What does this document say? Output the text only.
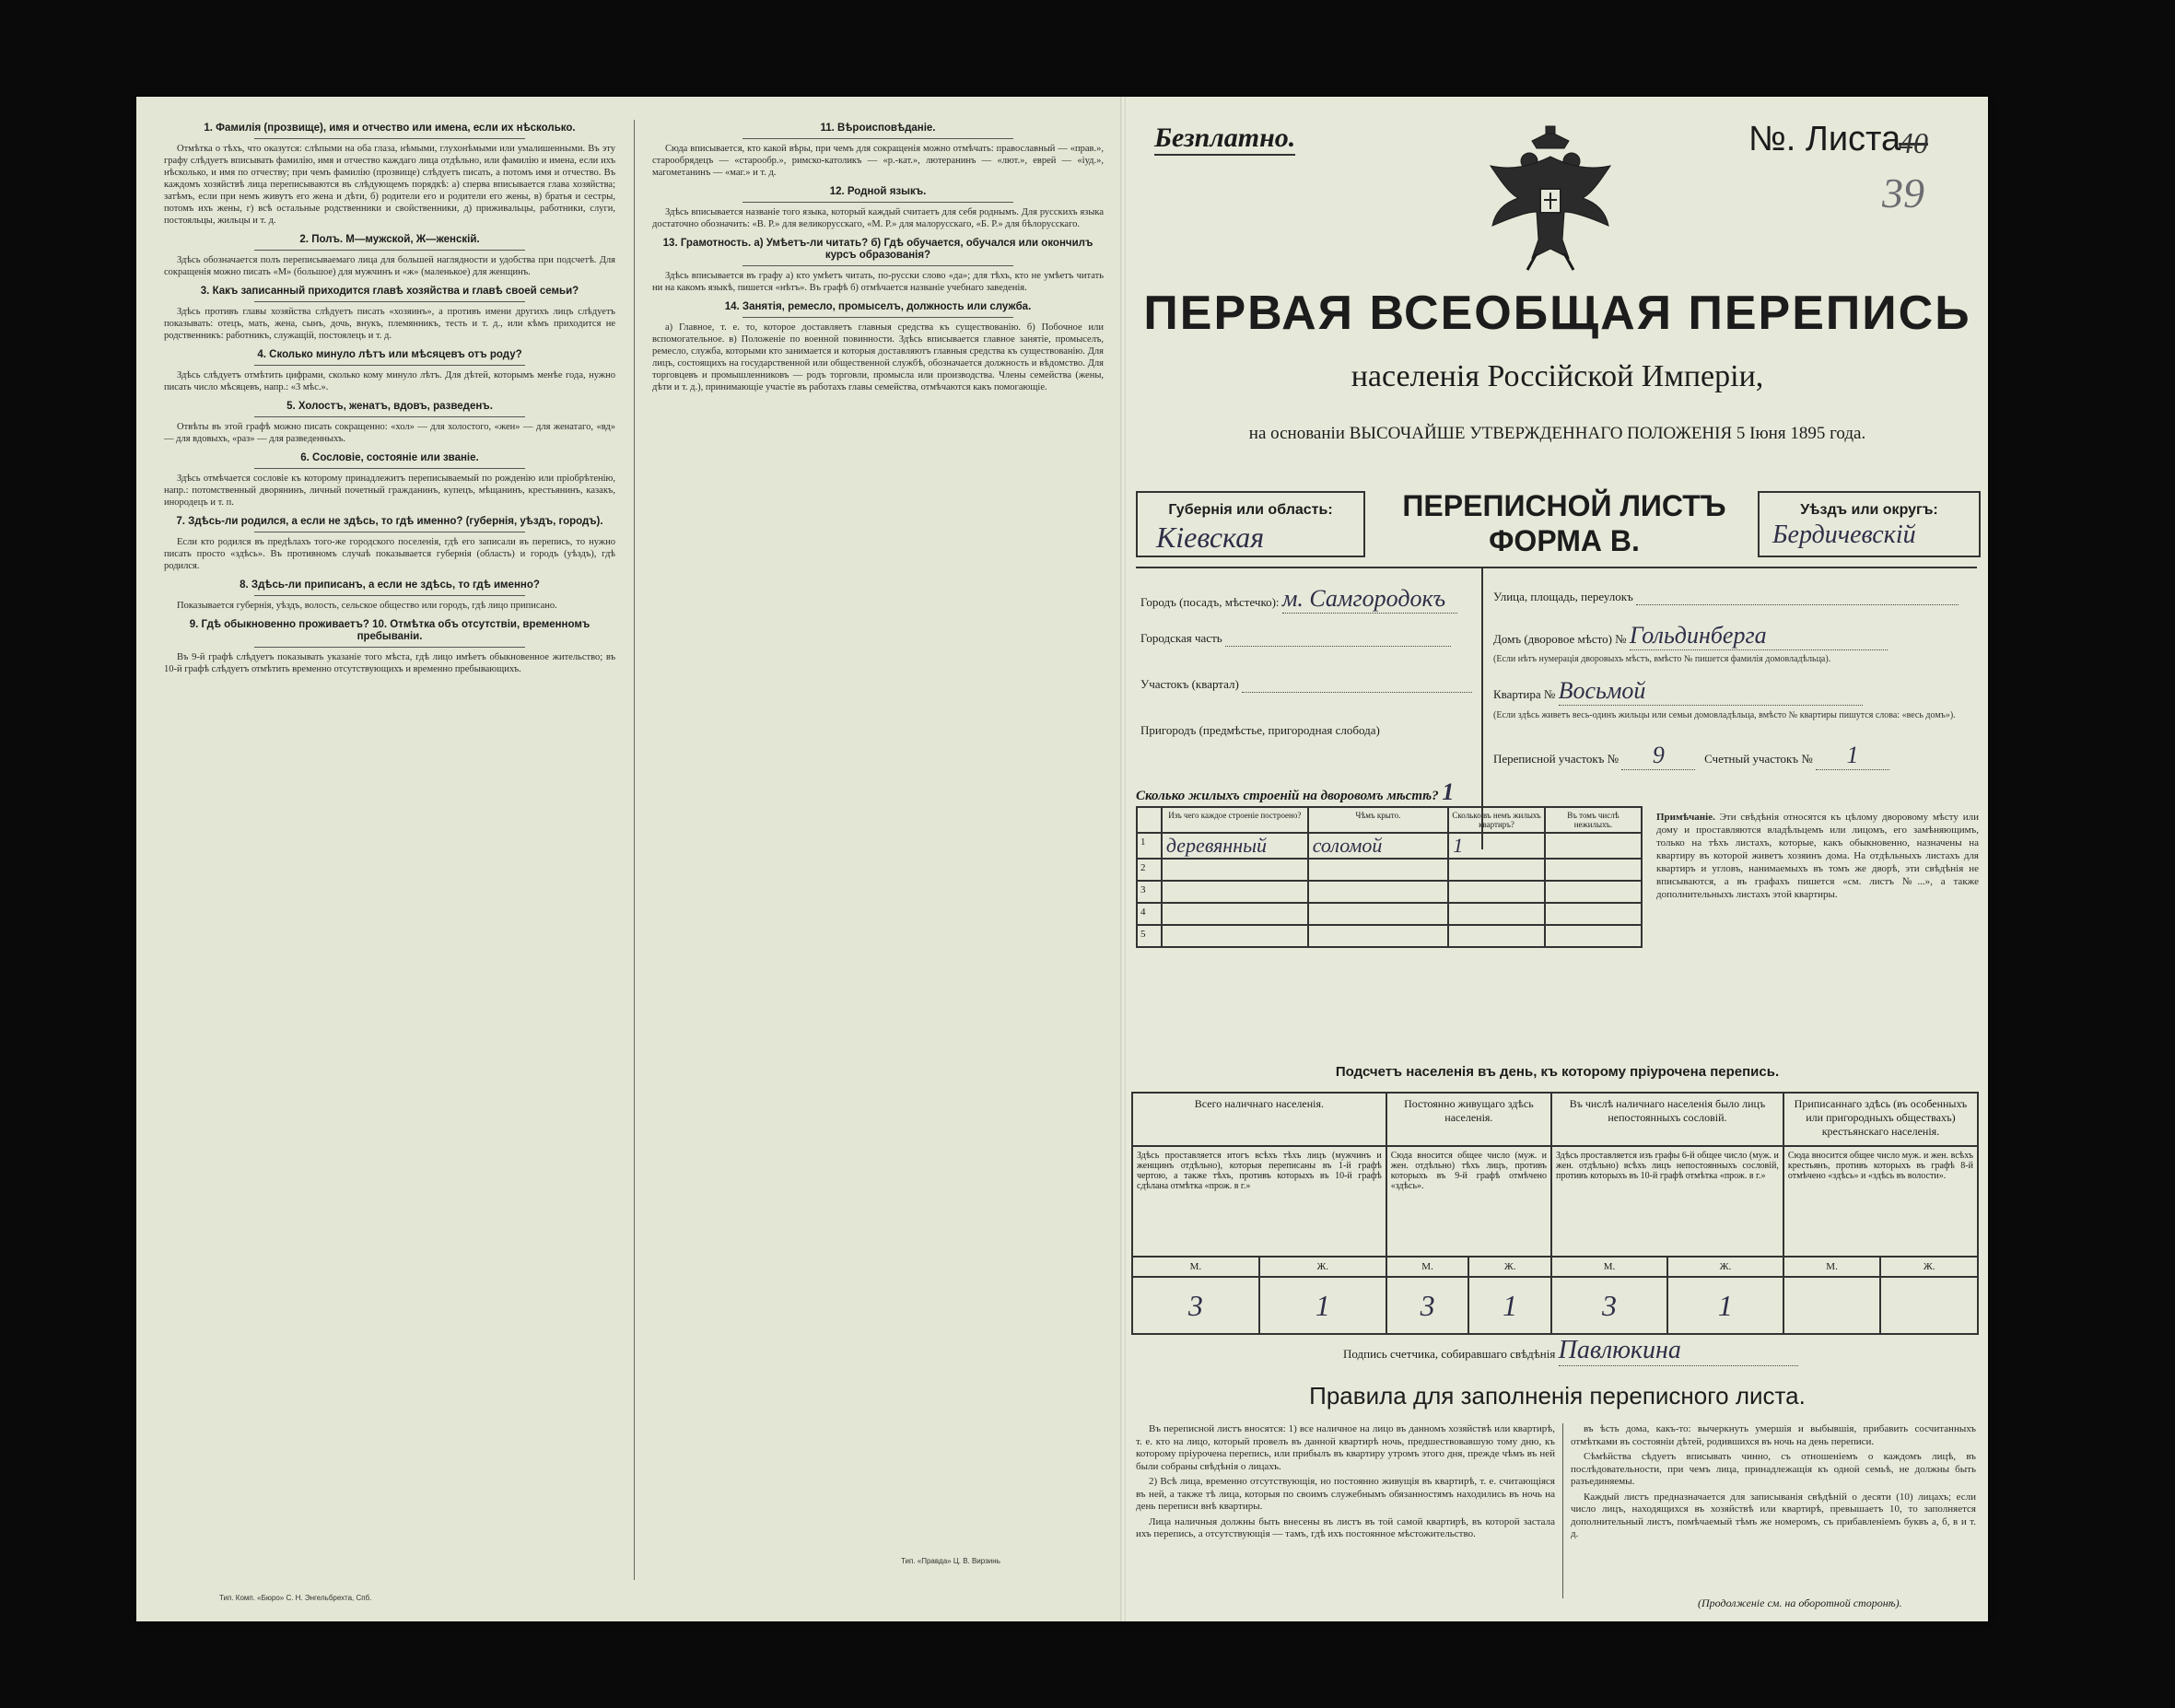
1. Фамилія (прозвище), имя и отчество или имена, если их нѣсколько.

Отмѣтка о тѣхъ, что оказутся: слѣпыми на оба глаза, нѣмыми, глухонѣмыми или умалишенными. Въ эту графу слѣдуетъ вписывать фамилію, имя и отчество каждаго лица отдѣльно, или фамилію и имена, если ихъ нѣсколько, и имя по отчеству; при чемъ фамилію (прозвище) слѣдуетъ писать, а потомъ имя и отчество. Въ каждомъ хозяйствѣ лица переписываются въ слѣдующемъ порядкѣ: а) сперва вписывается глава хозяйства; затѣмъ, если при немъ живутъ его жена и дѣти, б) родители его и родители его жены, в) братья и сестры, потомъ ихъ жены, г) всѣ остальные родственники и свойственники, д) приживальцы, работники, слуги, постояльцы, жильцы и т. д.

2. Полъ. М—мужской, Ж—женскій.

Здѣсь обозначается полъ переписываемаго лица для большей наглядности и удобства при подсчетѣ. Для сокращенія можно писать «М» (большое) для мужчинъ и «ж» (маленькое) для женщинъ.

3. Какъ записанный приходится главѣ хозяйства и главѣ своей семьи?

Здѣсь противъ главы хозяйства слѣдуетъ писать «хозяинъ», а противъ имени другихъ лицъ слѣдуетъ показывать: отецъ, мать, жена, сынъ, дочь, внукъ, племянникъ, тесть и т. д., или кѣмъ приходится не родственникъ: работникъ, служащій, постоялецъ и т. д.

4. Сколько минуло лѣтъ или мѣсяцевъ отъ роду?

Здѣсь слѣдуетъ отмѣтить цифрами, сколько кому минуло лѣтъ. Для дѣтей, которымъ менѣе года, нужно писать число мѣсяцевъ, напр.: «3 мѣс.».

5. Холостъ, женатъ, вдовъ, разведенъ.

Отвѣты въ этой графѣ можно писать сокращенно: «хол» — для холостого, «жен» — для женатаго, «вд» — для вдовыхъ, «раз» — для разведенныхъ.

6. Сословіе, состояніе или званіе.

Здѣсь отмѣчается сословіе къ которому принадлежитъ переписываемый по рожденію или пріобрѣтенію, напр.: потомственный дворянинъ, личный почетный гражданинъ, купецъ, мѣщанинъ, крестьянинъ, казакъ, инородецъ и т. п.

7. Здѣсь-ли родился, а если не здѣсь, то гдѣ именно? (губернія, уѣздъ, городъ).

Если кто родился въ предѣлахъ того-же городского поселенія, гдѣ его записали въ перепись, то нужно писать просто «здѣсь». Въ противномъ случаѣ показывается губернія (область) и городъ (уѣздъ), гдѣ родился.

8. Здѣсь-ли приписанъ, а если не здѣсь, то гдѣ именно?

Показывается губернія, уѣздъ, волость, сельское общество или городъ, гдѣ лицо приписано.

9. Гдѣ обыкновенно проживаетъ? 10. Отмѣтка объ отсутствіи, временномъ пребываніи.

Въ 9-й графѣ слѣдуетъ показывать указаніе того мѣста, гдѣ лицо имѣетъ обыкновенное жительство; въ 10-й графѣ слѣдуетъ отмѣтить временно отсутствующихъ и временно пребывающихъ.

11. Вѣроисповѣданіе.

Сюда вписывается, кто какой вѣры, при чемъ для сокращенія можно отмѣчать: православный — «прав.», старообрядецъ — «старообр.», римско-католикъ — «р.-кат.», лютеранинъ — «лют.», еврей — «іуд.», магометанинъ — «маг.» и т. д.

12. Родной языкъ.

Здѣсь вписывается названіе того языка, который каждый считаетъ для себя роднымъ. Для русскихъ языка достаточно обозначить: «В. Р.» для великорусскаго, «М. Р.» для малорусскаго, «Б. Р.» для бѣлорусскаго.

13. Грамотность. а) Умѣетъ-ли читать? б) Гдѣ обучается, обучался или окончилъ курсъ образованія?

Здѣсь вписывается въ графу а) кто умѣетъ читать, по-русски слово «да»; для тѣхъ, кто не умѣетъ читать ни на какомъ языкѣ, пишется «нѣтъ». Въ графѣ б) отмѣчается названіе учебнаго заведенія.

14. Занятія, ремесло, промыселъ, должность или служба.

а) Главное, т. е. то, которое доставляетъ главныя средства къ существованію. б) Побочное или вспомогательное. в) Положеніе по военной повинности. Здѣсь вписывается главное занятіе, промыселъ, ремесло, служба, которыми кто занимается и которыя доставляютъ главныя средства къ существованію. Для лицъ, состоящихъ на государственной или общественной службѣ, обозначается должность и вѣдомство. Для торговцевъ и промышленниковъ — родъ торговли, промысла или производства. Члены семейства (жены, дѣти и т. д.), принимающіе участіе въ работахъ главы семейства, отмѣчаются какъ помогающіе.

Тип. Комп. «Бюро» С. Н. Энгельбрехта, Спб.
Тип. «Правда» Ц. В. Вирзинь
Безплатно.	№. Листа
40
39
ПЕРВАЯ ВСЕОБЩАЯ ПЕРЕПИСЬ
населенія Россійской Имперіи,
на основаніи ВЫСОЧАЙШЕ УТВЕРЖДЕННАГО ПОЛОЖЕНІЯ 5 Іюня 1895 года.
Губернія или область:
Кіевская
ПЕРЕПИСНОЙ ЛИСТЪ
ФОРМА В.
Уѣздъ или округъ:
Бердичевскій
Городъ (посадъ, мѣстечко): м. Самгородокъ
Городская часть
Участокъ (квартал)
Пригородъ (предмѣстье, пригородная слобода)
Улица, площадь, переулокъ
Домъ (дворовое мѣсто) № Гольдинберга
(Если нѣтъ нумерація дворовыхъ мѣстъ, вмѣсто № пишется фамилія домовладѣльца).
Квартира № Восьмой
(Если здѣсь живетъ весь-одинъ жильцы или семьи домовладѣльца, вмѣсто № квартиры пишутся слова: «весь домъ»).
Переписной участокъ № 9	Счетный участокъ № 1
Сколько жилыхъ строеній на дворовомъ мѣстѣ? 1
	Изъ чего каждое строеніе построено?	Чѣмъ крыто.	Сколько въ немъ жилыхъ квартиръ?	Въ томъ числѣ нежилыхъ.
1	деревянный	соломой	1	
2				
3				
4				
5				
Примѣчаніе. Эти свѣдѣнія относятся къ цѣлому дворовому мѣсту или дому и проставляются владѣльцемъ или лицомъ, его замѣняющимъ, только на тѣхъ листахъ, которые, какъ обыкновенно, назначены на квартиру въ которой живетъ хозяинъ дома. На отдѣльныхъ листахъ для квартиръ и угловъ, нанимаемыхъ въ томъ же дворѣ, эти свѣдѣнія не вписываются, а въ графахъ пишется «см. листъ №...», а также дополнительныхъ листахъ этой квартиры.
Подсчетъ населенія въ день, къ которому пріурочена перепись.
Всего наличнаго населенія.		Постоянно живущаго здѣсь населенія.		Въ числѣ наличнаго населенія было лицъ непостоянныхъ сословій.		Приписаннаго здѣсь (въ особенныхъ или пригородныхъ обществахъ) крестьянскаго населенія.	
Здѣсь проставляется итогъ всѣхъ тѣхъ лицъ (мужчинъ и женщинъ отдѣльно), которыя переписаны въ 1-й графѣ чертою, а также тѣхъ, противъ которыхъ въ 10-й графѣ сдѣлана отмѣтка «прож. в г.»		Сюда вносится общее число (муж. и жен. отдѣльно) тѣхъ лицъ, противъ которыхъ въ 9-й графѣ отмѣчено «здѣсь».		Здѣсь проставляется изъ графы 6-й общее число (муж. и жен. отдѣльно) всѣхъ лицъ непостоянныхъ сословій, противъ которыхъ въ 10-й графѣ отмѣтка «прож. в г.»		Сюда вносится общее число муж. и жен. всѣхъ крестьянъ, противъ которыхъ въ графѣ 8-й отмѣчено «здѣсь» и «здѣсь въ волости».	
М.	Ж.	М.	Ж.	М.	Ж.	М.	Ж.
3	1	3	1	3	1		
Подпись счетчика, собиравшаго свѣдѣнія Павлюкина
Правила для заполненія переписного листа.

Въ переписной листъ вносятся: 1) все наличное на лицо въ данномъ хозяйствѣ или квартирѣ, т. е. кто на лицо, который провелъ въ данной квартирѣ ночь, предшествовавшую тому дню, къ которому пріурочена перепись, или прибылъ въ квартиру утромъ этого дня, прежде чѣмъ въ ней были собраны свѣдѣнія о лицахъ.

2) Всѣ лица, временно отсутствующія, но постоянно живущія въ квартирѣ, т. е. считающіяся въ ней, а также тѣ лица, которыя по своимъ служебнымъ обязанностямъ находились въ ночь на день переписи внѣ квартиры.

Лица наличныя должны быть внесены въ листъ въ той самой квартирѣ, въ которой застала ихъ перепись, а отсутствующія — тамъ, гдѣ ихъ постоянное мѣстожительство.

въ ѣсть дома, какъ-то: вычеркнуть умершія и выбывшія, прибавить сосчитанныхъ отмѣтками въ состояніи дѣтей, родившихся въ ночь на день переписи.

Сѣмѣйства сѣдуетъ вписывать чинно, съ отношеніемъ о каждомъ лицѣ, въ послѣдовательности, при чемъ лица, принадлежащія къ одной семьѣ, не должны быть разъединяемы.

Каждый листъ предназначается для записыванія свѣдѣній о десяти (10) лицахъ; если число лицъ, находящихся въ хозяйствѣ или квартирѣ, превышаетъ 10, то заполняется дополнительный листъ, помѣчаемый тѣмъ же номеромъ, съ прибавленіемъ буквъ а, б, в и т. д.

(Продолженіе см. на оборотной сторонѣ).
